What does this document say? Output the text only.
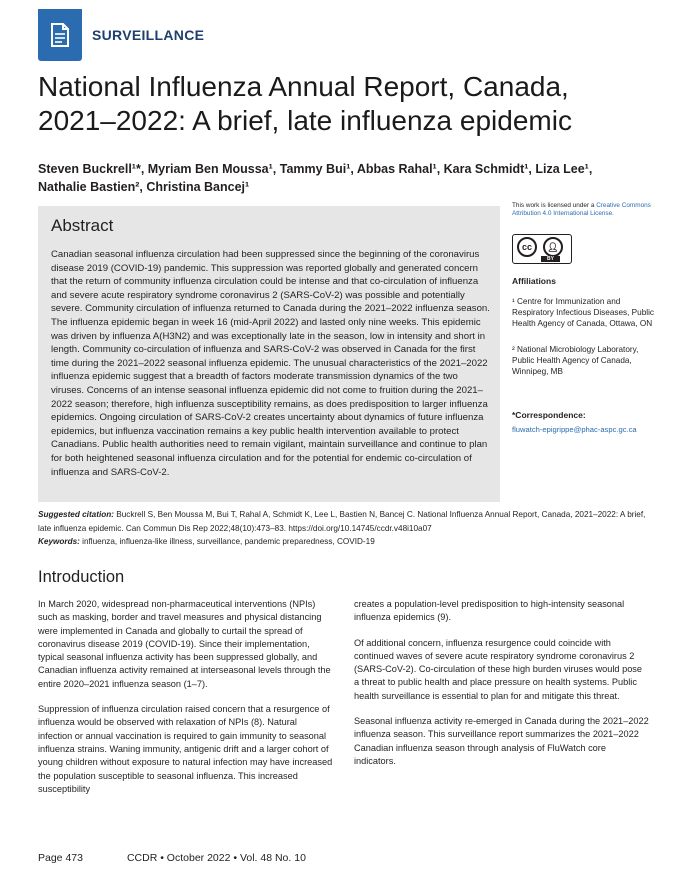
SURVEILLANCE
National Influenza Annual Report, Canada,
2021–2022: A brief, late influenza epidemic
Steven Buckrell¹*, Myriam Ben Moussa¹, Tammy Bui¹, Abbas Rahal¹, Kara Schmidt¹, Liza Lee¹,
Nathalie Bastien², Christina Bancej¹
Abstract
Canadian seasonal influenza circulation had been suppressed since the beginning of the coronavirus disease 2019 (COVID-19) pandemic. This suppression was reported globally and generated concern that the return of community influenza circulation could be intense and that co-circulation of influenza and severe acute respiratory syndrome coronavirus 2 (SARS-CoV-2) was possible and potentially severe. Community circulation of influenza returned to Canada during the 2021–2022 influenza season. The influenza epidemic began in week 16 (mid-April 2022) and lasted only nine weeks. This epidemic was driven by influenza A(H3N2) and was exceptionally late in the season, low in intensity and short in length. Community co-circulation of influenza and SARS-CoV-2 was observed in Canada for the first time during the 2021–2022 seasonal influenza epidemic. The unusual characteristics of the 2021–2022 influenza epidemic suggest that a breadth of factors moderate transmission dynamics of the two viruses. Concerns of an intense seasonal influenza epidemic did not come to fruition during the 2021–2022 season; therefore, high influenza susceptibility remains, as does predisposition to larger influenza epidemics. Ongoing circulation of SARS-CoV-2 creates uncertainty about dynamics of future influenza epidemics, but influenza vaccination remains a key public health intervention available to protect Canadians. Public health authorities need to remain vigilant, maintain surveillance and continue to plan for both heightened seasonal influenza circulation and for the potential for endemic co-circulation of influenza and SARS-CoV-2.
This work is licensed under a Creative Commons Attribution 4.0 International License.
cc	👤︎
BY
Affiliations
¹ Centre for Immunization and Respiratory Infectious Diseases, Public Health Agency of Canada, Ottawa, ON
² National Microbiology Laboratory, Public Health Agency of Canada, Winnipeg, MB
*Correspondence:
fluwatch-epigrippe@phac-aspc.gc.ca
Suggested citation: Buckrell S, Ben Moussa M, Bui T, Rahal A, Schmidt K, Lee L, Bastien N, Bancej C. National Influenza Annual Report, Canada, 2021–2022: A brief, late influenza epidemic. Can Commun Dis Rep 2022;48(10):473–83. https://doi.org/10.14745/ccdr.v48i10a07
Keywords: influenza, influenza-like illness, surveillance, pandemic preparedness, COVID-19
Introduction

In March 2020, widespread non-pharmaceutical interventions (NPIs) such as masking, border and travel measures and physical distancing were implemented in Canada and globally to curtail the spread of coronavirus disease 2019 (COVID-19). Since their implementation, typical seasonal influenza activity has been suppressed globally, and Canadian influenza activity remained at interseasonal levels through the entire 2020–2021 influenza season (1–7).

Suppression of influenza circulation raised concern that a resurgence of influenza would be observed with relaxation of NPIs (8). Natural infection or annual vaccination is required to gain immunity to seasonal influenza strains. Waning immunity, antigenic drift and a larger cohort of young children without exposure to natural infection may have increased the population susceptible to seasonal influenza. This increased susceptibility

creates a population-level predisposition to high-intensity seasonal influenza epidemics (9).

Of additional concern, influenza resurgence could coincide with continued waves of severe acute respiratory syndrome coronavirus 2 (SARS-CoV-2). Co-circulation of these high burden viruses would pose a threat to public health and place pressure on health systems. Public health surveillance is essential to plan for and mitigate this threat.

Seasonal influenza activity re-emerged in Canada during the 2021–2022 influenza season. This surveillance report summarizes the 2021–2022 Canadian influenza season through analysis of FluWatch core indicators.

Page 473	CCDR • October 2022 • Vol. 48 No. 10
